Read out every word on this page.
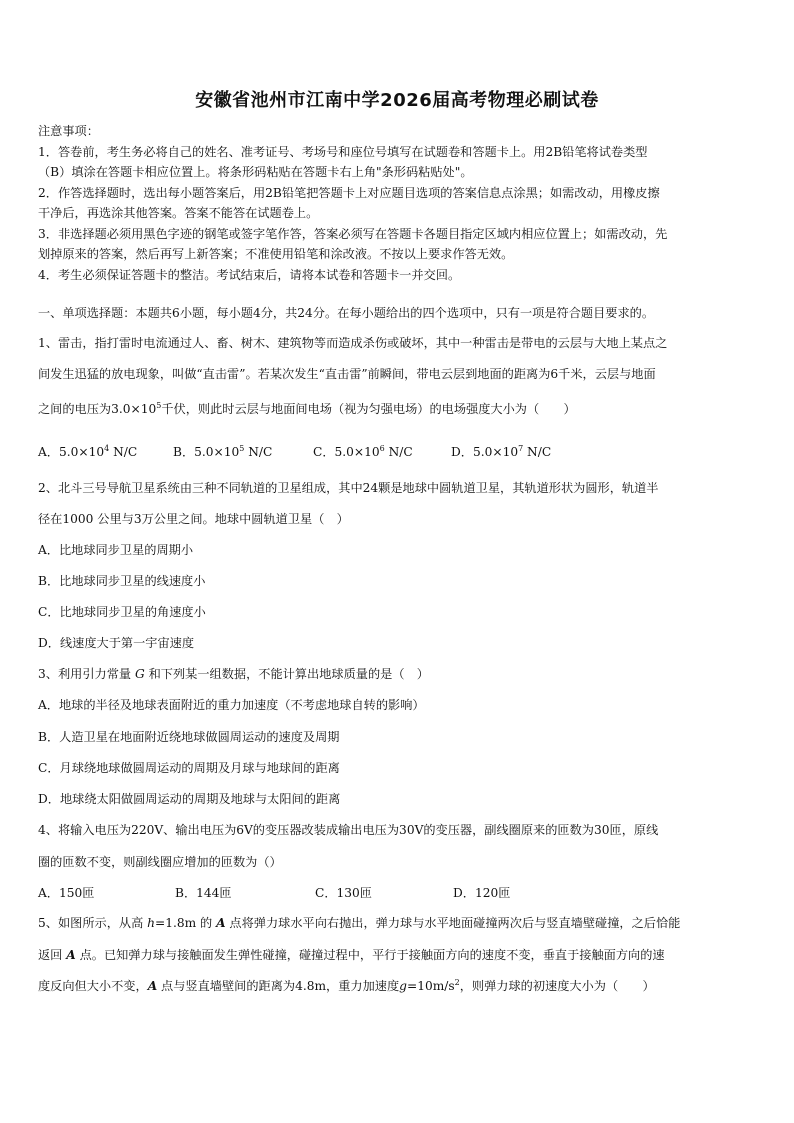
安徽省池州市江南中学2026届高考物理必刷试卷
注意事项：
1．答卷前，考生务必将自己的姓名、准考证号、考场号和座位号填写在试题卷和答题卡上。用2B铅笔将试卷类型
（B）填涂在答题卡相应位置上。将条形码粘贴在答题卡右上角"条形码粘贴处"。
2．作答选择题时，选出每小题答案后，用2B铅笔把答题卡上对应题目选项的答案信息点涂黑；如需改动，用橡皮擦
干净后，再选涂其他答案。答案不能答在试题卷上。
3．非选择题必须用黑色字迹的钢笔或签字笔作答，答案必须写在答题卡各题目指定区域内相应位置上；如需改动，先
划掉原来的答案，然后再写上新答案；不准使用铅笔和涂改液。不按以上要求作答无效。
4．考生必须保证答题卡的整洁。考试结束后，请将本试卷和答题卡一并交回。
一、单项选择题：本题共6小题，每小题4分，共24分。在每小题给出的四个选项中，只有一项是符合题目要求的。
1、雷击，指打雷时电流通过人、畜、树木、建筑物等而造成杀伤或破坏，其中一种雷击是带电的云层与大地上某点之
间发生迅猛的放电现象，叫做“直击雷”。若某次发生“直击雷”前瞬间，带电云层到地面的距离为6千米，云层与地面
之间的电压为$3.0\times 10^5$千伏，则此时云层与地面间电场（视为匀强电场）的电场强度大小为（　　）
A．$5.0\times 10^4$ N/C	B．$5.0\times 10^5$ N/C	C．$5.0\times 10^6$ N/C	D．$5.0\times 10^7$ N/C
2、北斗三号导航卫星系统由三种不同轨道的卫星组成，其中24颗是地球中圆轨道卫星，其轨道形状为圆形，轨道半
径在1000 公里与3万公里之间。地球中圆轨道卫星（　）
A．比地球同步卫星的周期小
B．比地球同步卫星的线速度小
C．比地球同步卫星的角速度小
D．线速度大于第一宇宙速度
3、利用引力常量 G 和下列某一组数据，不能计算出地球质量的是（　）
A．地球的半径及地球表面附近的重力加速度（不考虑地球自转的影响）
B．人造卫星在地面附近绕地球做圆周运动的速度及周期
C．月球绕地球做圆周运动的周期及月球与地球间的距离
D．地球绕太阳做圆周运动的周期及地球与太阳间的距离
4、将输入电压为220V、输出电压为6V的变压器改装成输出电压为30V的变压器，副线圈原来的匝数为30匝，原线
圈的匝数不变，则副线圈应增加的匝数为（）
A．150匝	B．144匝	C．130匝	D．120匝
5、如图所示，从高 h=1.8m 的 A 点将弹力球水平向右抛出，弹力球与水平地面碰撞两次后与竖直墙壁碰撞，之后恰能
返回 A 点。已知弹力球与接触面发生弹性碰撞，碰撞过程中，平行于接触面方向的速度不变，垂直于接触面方向的速
度反向但大小不变，A 点与竖直墙壁间的距离为4.8m，重力加速度$g=10m/s^2$，则弹力球的初速度大小为（　　）
